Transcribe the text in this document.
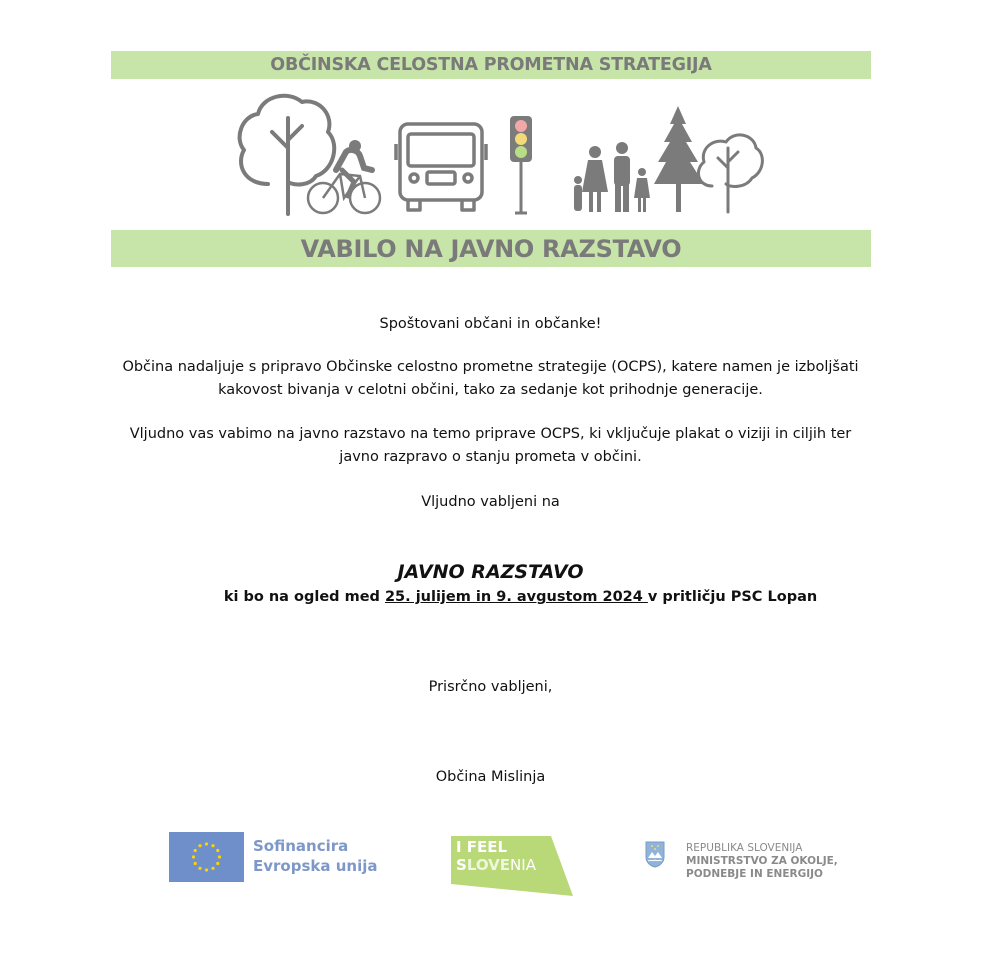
OBČINSKA CELOSTNA PROMETNA STRATEGIJA
VABILO NA JAVNO RAZSTAVO

Spoštovani občani in občanke!

Občina nadaljuje s pripravo Občinske celostno prometne strategije (OCPS), katere namen je izboljšati kakovost bivanja v celotni občini, tako za sedanje kot prihodnje generacije.

Vljudno vas vabimo na javno razstavo na temo priprave OCPS, ki vključuje plakat o viziji in ciljih ter javno razpravo o stanju prometa v občini.

Vljudno vabljeni na

JAVNO RAZSTAVO

ki bo na ogled med 25. julijem in 9. avgustom 2024 v pritličju PSC Lopan

Prisrčno vabljeni,

Občina Mislinja

Sofinancira
Evropska unija
I FEEL
SLOVENIA
REPUBLIKA SLOVENIJA
MINISTRSTVO ZA OKOLJE,
PODNEBJE IN ENERGIJO
